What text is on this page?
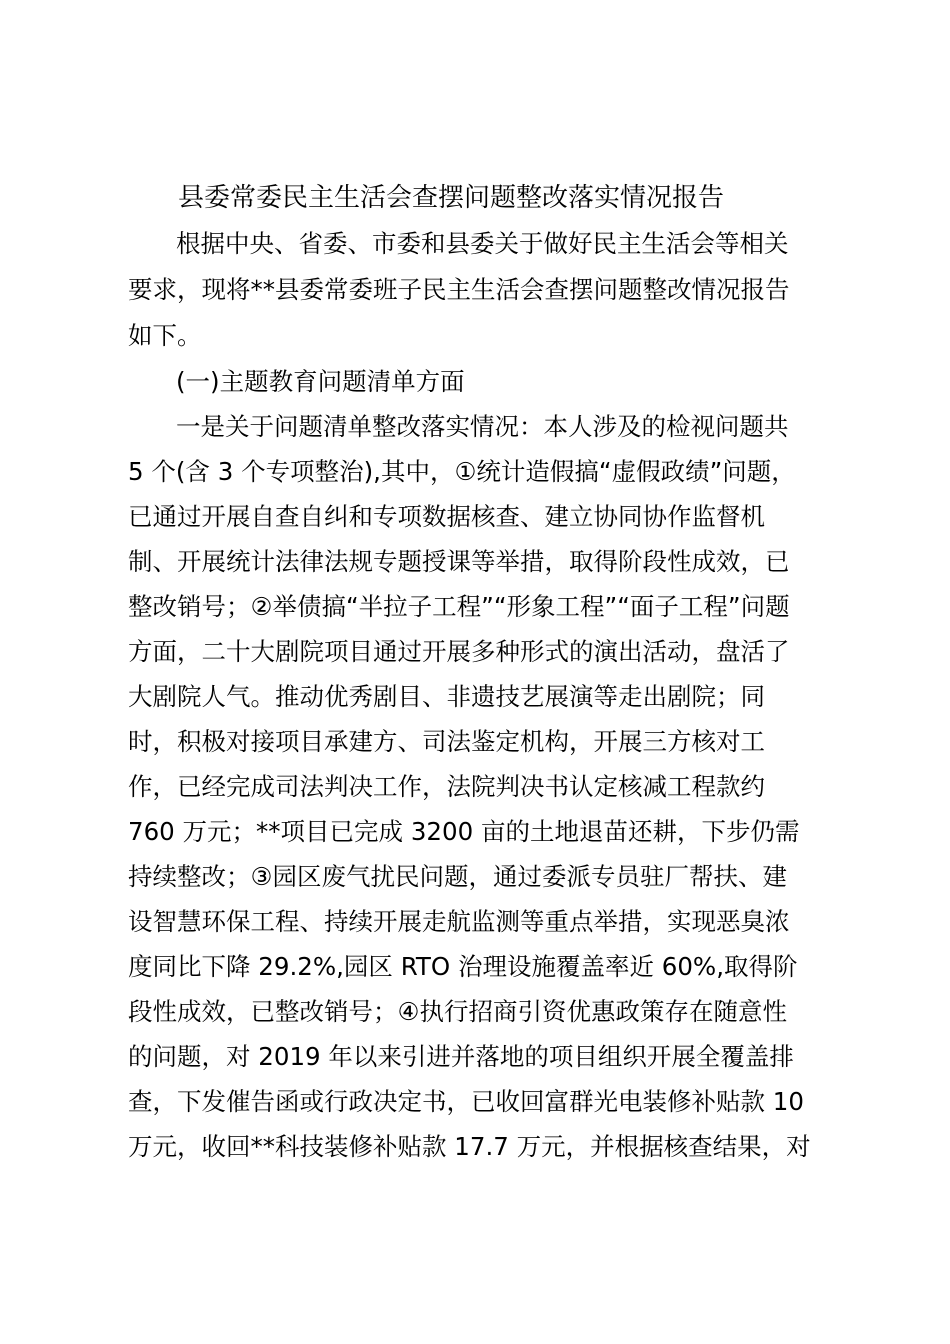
县委常委民主生活会查摆问题整改落实情况报告

根据中央、省委、市委和县委关于做好民主生活会等相关

要求，现将**县委常委班子民主生活会查摆问题整改情况报告

如下。

(一)主题教育问题清单方面

一是关于问题清单整改落实情况：本人涉及的检视问题共

5 个(含 3 个专项整治),其中，①统计造假搞“虚假政绩”问题，

已通过开展自查自纠和专项数据核查、建立协同协作监督机

制、开展统计法律法规专题授课等举措，取得阶段性成效，已

整改销号；②举债搞“半拉子工程”“形象工程”“面子工程”问题

方面，二十大剧院项目通过开展多种形式的演出活动，盘活了

大剧院人气。推动优秀剧目、非遗技艺展演等走出剧院；同

时，积极对接项目承建方、司法鉴定机构，开展三方核对工

作，已经完成司法判决工作，法院判决书认定核减工程款约

760 万元；**项目已完成 3200 亩的土地退苗还耕，下步仍需

持续整改；③园区废气扰民问题，通过委派专员驻厂帮扶、建

设智慧环保工程、持续开展走航监测等重点举措，实现恶臭浓

度同比下降 29.2%,园区 RTO 治理设施覆盖率近 60%,取得阶

段性成效，已整改销号；④执行招商引资优惠政策存在随意性

的问题，对 2019 年以来引进并落地的项目组织开展全覆盖排

查，下发催告函或行政决定书，已收回富群光电装修补贴款 10

万元，收回**科技装修补贴款 17.7 万元，并根据核查结果，对
